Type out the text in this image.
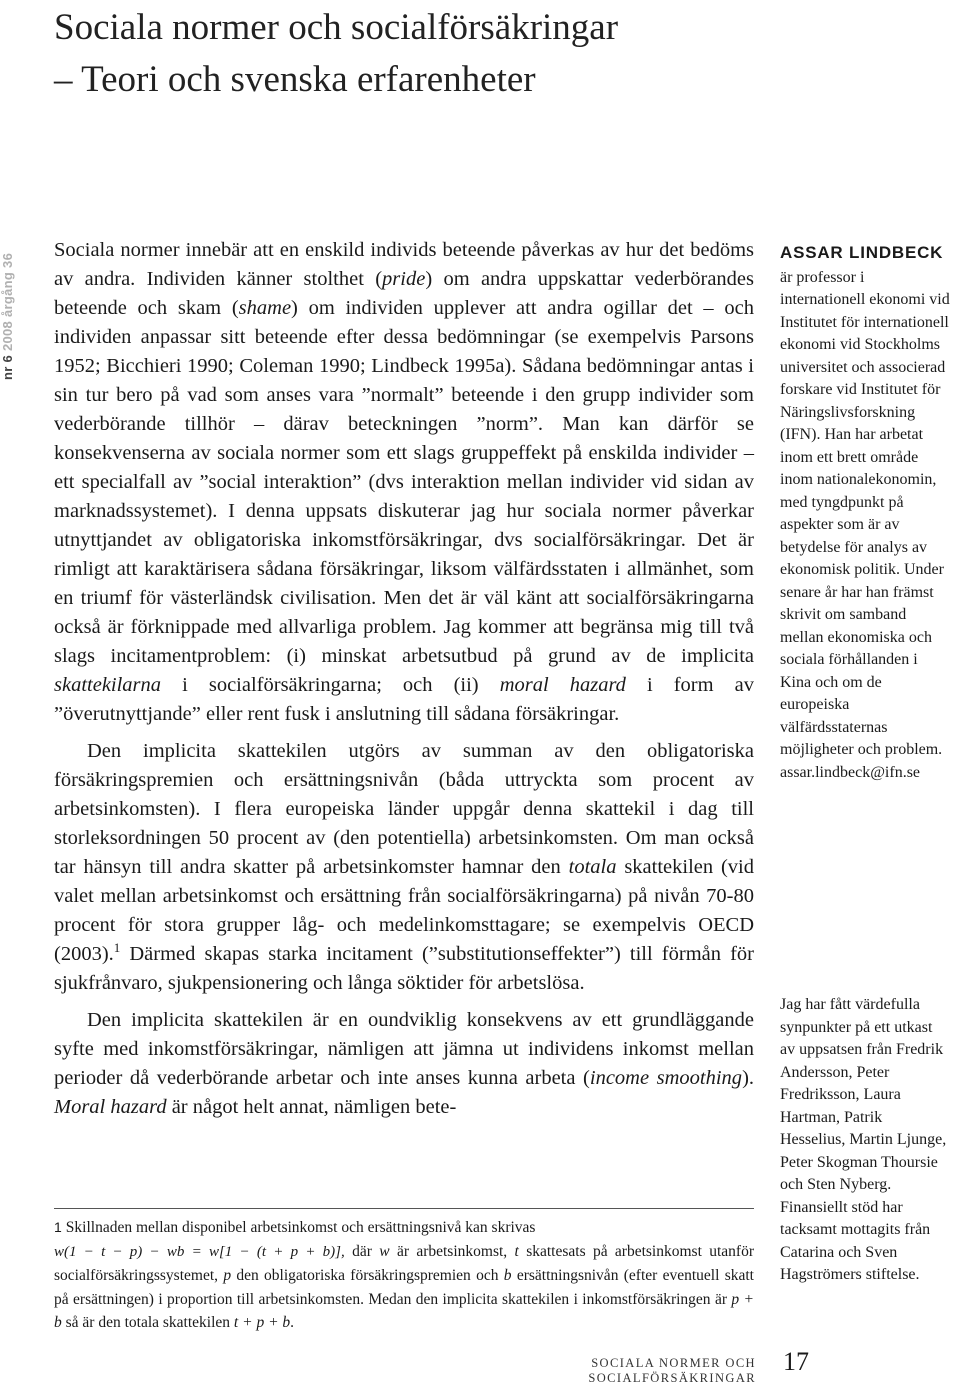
Sociala normer och socialförsäkringar
– Teori och svenska erfarenheter
nr 6 2008 årgång 36

Sociala normer innebär att en enskild individs beteende påverkas av hur det bedöms av andra. Individen känner stolthet (pride) om andra uppskattar vederbörandes beteende och skam (shame) om individen upplever att andra ogillar det – och individen anpassar sitt beteende efter dessa bedömningar (se exempelvis Parsons 1952; Bicchieri 1990; Coleman 1990; Lindbeck 1995a). Sådana bedömningar antas i sin tur bero på vad som anses vara ”normalt” beteende i den grupp individer som vederbörande tillhör – därav beteckningen ”norm”. Man kan därför se konsekvenserna av sociala normer som ett slags gruppeffekt på enskilda individer – ett specialfall av ”social interaktion” (dvs interaktion mellan individer vid sidan av marknadssystemet). I denna uppsats diskuterar jag hur sociala normer påverkar utnyttjandet av obligatoriska inkomstförsäkringar, dvs socialförsäkringar. Det är rimligt att karaktärisera sådana försäkringar, liksom välfärdsstaten i allmänhet, som en triumf för västerländsk civilisation. Men det är väl känt att socialförsäkringarna också är förknippade med allvarliga problem. Jag kommer att begränsa mig till två slags incitamentproblem: (i) minskat arbetsutbud på grund av de implicita skattekilarna i socialförsäkringarna; och (ii) moral hazard i form av ”överutnyttjande” eller rent fusk i anslutning till sådana försäkringar.

Den implicita skattekilen utgörs av summan av den obligatoriska försäkringspremien och ersättningsnivån (båda uttryckta som procent av arbetsinkomsten). I flera europeiska länder uppgår denna skattekil i dag till storleksordningen 50 procent av (den potentiella) arbetsinkomsten. Om man också tar hänsyn till andra skatter på arbetsinkomster hamnar den totala skattekilen (vid valet mellan arbetsinkomst och ersättning från socialförsäkringarna) på nivån 70-80 procent för stora grupper låg- och medelinkomsttagare; se exempelvis OECD (2003).$^1$ Därmed skapas starka incitament (”substitutionseffekter”) till förmån för sjukfrånvaro, sjukpensionering och långa söktider för arbetslösa.

Den implicita skattekilen är en oundviklig konsekvens av ett grundläggande syfte med inkomstförsäkringar, nämligen att jämna ut individens inkomst mellan perioder då vederbörande arbetar och inte anses kunna arbeta (income smoothing). Moral hazard är något helt annat, nämligen bete-

1 Skillnaden mellan disponibel arbetsinkomst och ersättningsnivå kan skrivas

w(1 − t − p) − wb = w[1 − (t + p + b)], där w är arbetsinkomst, t skattesats på arbetsinkomst utanför socialförsäkringssystemet, p den obligatoriska försäkringspremien och b ersättningsnivån (efter eventuell skatt på ersättningen) i proportion till arbetsinkomsten. Medan den implicita skattekilen i inkomstförsäkringen är p + b så är den totala skattekilen t + p + b.

ASSAR LINDBECK

är professor i internationell ekonomi vid Institutet för internationell ekonomi vid Stockholms universitet och associerad forskare vid Institutet för Näringslivsforskning (IFN). Han har arbetat inom ett brett område inom nationalekonomin, med tyngdpunkt på aspekter som är av betydelse för analys av ekonomisk politik. Under senare år har han främst skrivit om samband mellan ekonomiska och sociala förhållanden i Kina och om de europeiska välfärdsstaternas möjligheter och problem.
assar.lindbeck@ifn.se

Jag har fått värdefulla synpunkter på ett utkast av uppsatsen från Fredrik Andersson, Peter Fredriksson, Laura Hartman, Patrik Hesselius, Martin Ljunge, Peter Skogman Thoursie och Sten Nyberg. Finansiellt stöd har tacksamt mottagits från Catarina och Sven Hagströmers stiftelse.

SOCIALA NORMER OCH SOCIALFÖRSÄKRINGAR
17
